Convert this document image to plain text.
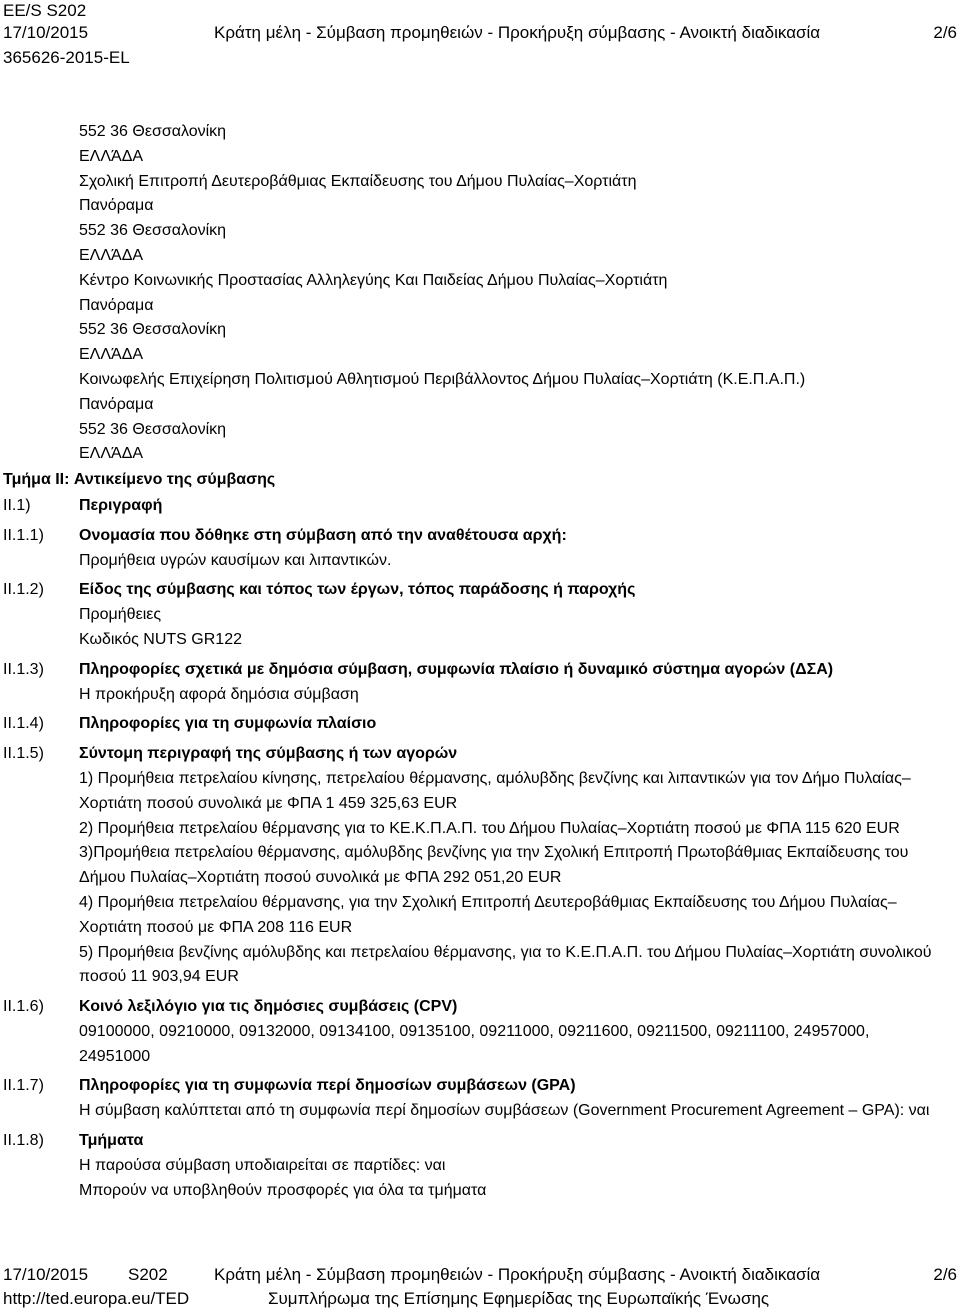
EE/S S202
17/10/2015
365626-2015-EL
Κράτη μέλη - Σύμβαση προμηθειών - Προκήρυξη σύμβασης - Ανοικτή διαδικασία	2/6
552 36 Θεσσαλονίκη
ΕΛΛΆΔΑ
Σχολική Επιτροπή Δευτεροβάθμιας Εκπαίδευσης του Δήμου Πυλαίας–Χορτιάτη
Πανόραμα
552 36 Θεσσαλονίκη
ΕΛΛΆΔΑ
Κέντρο Κοινωνικής Προστασίας Αλληλεγύης Και Παιδείας Δήμου Πυλαίας–Χορτιάτη
Πανόραμα
552 36 Θεσσαλονίκη
ΕΛΛΆΔΑ
Κοινωφελής Επιχείρηση Πολιτισμού Αθλητισμού Περιβάλλοντος Δήμου Πυλαίας–Χορτιάτη (Κ.Ε.Π.Α.Π.)
Πανόραμα
552 36 Θεσσαλονίκη
ΕΛΛΆΔΑ
Τμήμα II: Αντικείμενο της σύμβασης
II.1)	Περιγραφή
II.1.1)	Ονομασία που δόθηκε στη σύμβαση από την αναθέτουσα αρχή:
Προμήθεια υγρών καυσίμων και λιπαντικών.
II.1.2)	Είδος της σύμβασης και τόπος των έργων, τόπος παράδοσης ή παροχής
Προμήθειες
Κωδικός NUTS GR122
II.1.3)	Πληροφορίες σχετικά με δημόσια σύμβαση, συμφωνία πλαίσιο ή δυναμικό σύστημα αγορών (ΔΣΑ)
Η προκήρυξη αφορά δημόσια σύμβαση
II.1.4)	Πληροφορίες για τη συμφωνία πλαίσιο
II.1.5)	Σύντομη περιγραφή της σύμβασης ή των αγορών
1) Προμήθεια πετρελαίου κίνησης, πετρελαίου θέρμανσης, αμόλυβδης βενζίνης και λιπαντικών για τον Δήμο Πυλαίας–Χορτιάτη ποσού συνολικά με ΦΠΑ 1 459 325,63 EUR
2) Προμήθεια πετρελαίου θέρμανσης για το ΚΕ.Κ.Π.Α.Π. του Δήμου Πυλαίας–Χορτιάτη ποσού με ΦΠΑ 115 620 EUR
3)Προμήθεια πετρελαίου θέρμανσης, αμόλυβδης βενζίνης για την Σχολική Επιτροπή Πρωτοβάθμιας Εκπαίδευσης του Δήμου Πυλαίας–Χορτιάτη ποσού συνολικά με ΦΠΑ 292 051,20 EUR
4) Προμήθεια πετρελαίου θέρμανσης, για την Σχολική Επιτροπή Δευτεροβάθμιας Εκπαίδευσης του Δήμου Πυλαίας–Χορτιάτη ποσού με ΦΠΑ 208 116 EUR
5) Προμήθεια βενζίνης αμόλυβδης και πετρελαίου θέρμανσης, για το Κ.Ε.Π.Α.Π. του Δήμου Πυλαίας–Χορτιάτη συνολικού ποσού 11 903,94 EUR
II.1.6)	Κοινό λεξιλόγιο για τις δημόσιες συμβάσεις (CPV)
09100000, 09210000, 09132000, 09134100, 09135100, 09211000, 09211600, 09211500, 09211100, 24957000, 24951000
II.1.7)	Πληροφορίες για τη συμφωνία περί δημοσίων συμβάσεων (GPA)
Η σύμβαση καλύπτεται από τη συμφωνία περί δημοσίων συμβάσεων (Government Procurement Agreement – GPA): ναι
II.1.8)	Τμήματα
Η παρούσα σύμβαση υποδιαιρείται σε παρτίδες: ναι
Μπορούν να υποβληθούν προσφορές για όλα τα τμήματα
17/10/2015 S202	Κράτη μέλη - Σύμβαση προμηθειών - Προκήρυξη σύμβασης - Ανοικτή διαδικασία	2/6
http://ted.europa.eu/TED	Συμπλήρωμα της Επίσημης Εφημερίδας της Ευρωπαϊκής Ένωσης
